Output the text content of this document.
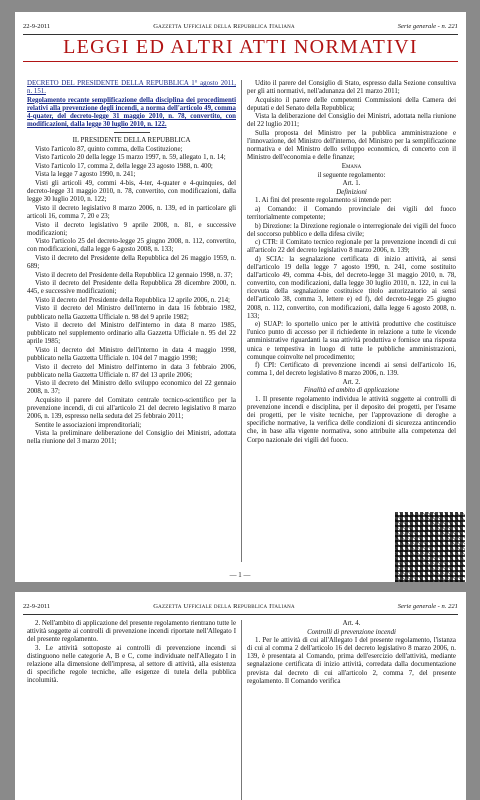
22-9-2011	Gazzetta Ufficiale della Repubblica Italiana	Serie generale - n. 221
LEGGI ED ALTRI ATTI NORMATIVI

DECRETO DEL PRESIDENTE DELLA REPUBBLICA 1° agosto 2011, n. 151.

Regolamento recante semplificazione della disciplina dei procedimenti relativi alla prevenzione degli incendi, a norma dell'articolo 49, comma 4-quater, del decreto-legge 31 maggio 2010, n. 78, convertito, con modificazioni, dalla legge 30 luglio 2010, n. 122.

IL PRESIDENTE DELLA REPUBBLICA

Visto l'articolo 87, quinto comma, della Costituzione;

Visto l'articolo 20 della legge 15 marzo 1997, n. 59, allegato 1, n. 14;

Visto l'articolo 17, comma 2, della legge 23 agosto 1988, n. 400;

Vista la legge 7 agosto 1990, n. 241;

Visti gli articoli 49, commi 4-bis, 4-ter, 4-quater e 4-quinquies, del decreto-legge 31 maggio 2010, n. 78, convertito, con modificazioni, dalla legge 30 luglio 2010, n. 122;

Visto il decreto legislativo 8 marzo 2006, n. 139, ed in particolare gli articoli 16, comma 7, 20 e 23;

Visto il decreto legislativo 9 aprile 2008, n. 81, e successive modificazioni;

Visto l'articolo 25 del decreto-legge 25 giugno 2008, n. 112, convertito, con modificazioni, dalla legge 6 agosto 2008, n. 133;

Visto il decreto del Presidente della Repubblica del 26 maggio 1959, n. 689;

Visto il decreto del Presidente della Repubblica 12 gennaio 1998, n. 37;

Visto il decreto del Presidente della Repubblica 28 dicembre 2000, n. 445, e successive modificazioni;

Visto il decreto del Presidente della Repubblica 12 aprile 2006, n. 214;

Visto il decreto del Ministro dell'interno in data 16 febbraio 1982, pubblicato nella Gazzetta Ufficiale n. 98 del 9 aprile 1982;

Visto il decreto del Ministro dell'interno in data 8 marzo 1985, pubblicato nel supplemento ordinario alla Gazzetta Ufficiale n. 95 del 22 aprile 1985;

Visto il decreto del Ministro dell'interno in data 4 maggio 1998, pubblicato nella Gazzetta Ufficiale n. 104 del 7 maggio 1998;

Visto il decreto del Ministro dell'interno in data 3 febbraio 2006, pubblicato nella Gazzetta Ufficiale n. 87 del 13 aprile 2006;

Visto il decreto del Ministro dello sviluppo economico del 22 gennaio 2008, n. 37;

Acquisito il parere del Comitato centrale tecnico-scientifico per la prevenzione incendi, di cui all'articolo 21 del decreto legislativo 8 marzo 2006, n. 139, espresso nella seduta del 25 febbraio 2011;

Sentite le associazioni imprenditoriali;

Vista la preliminare deliberazione del Consiglio dei Ministri, adottata nella riunione del 3 marzo 2011;

Udito il parere del Consiglio di Stato, espresso dalla Sezione consultiva per gli atti normativi, nell'adunanza del 21 marzo 2011;

Acquisito il parere delle competenti Commissioni della Camera dei deputati e del Senato della Repubblica;

Vista la deliberazione del Consiglio dei Ministri, adottata nella riunione del 22 luglio 2011;

Sulla proposta del Ministro per la pubblica amministrazione e l'innovazione, del Ministro dell'interno, del Ministro per la semplificazione normativa e del Ministro dello sviluppo economico, di concerto con il Ministro dell'economia e delle finanze;

Emana

il seguente regolamento:

Art. 1.

Definizioni

1. Ai fini del presente regolamento si intende per:

a) Comando: il Comando provinciale dei vigili del fuoco territorialmente competente;

b) Direzione: la Direzione regionale o interregionale dei vigili del fuoco del soccorso pubblico e della difesa civile;

c) CTR: il Comitato tecnico regionale per la prevenzione incendi di cui all'articolo 22 del decreto legislativo 8 marzo 2006, n. 139;

d) SCIA: la segnalazione certificata di inizio attività, ai sensi dell'articolo 19 della legge 7 agosto 1990, n. 241, come sostituito dall'articolo 49, comma 4-bis, del decreto-legge 31 maggio 2010, n. 78, convertito, con modificazioni, dalla legge 30 luglio 2010, n. 122, in cui la ricevuta della segnalazione costituisce titolo autorizzatorio ai sensi dell'articolo 38, comma 3, lettere e) ed f), del decreto-legge 25 giugno 2008, n. 112, convertito, con modificazioni, dalla legge 6 agosto 2008, n. 133;

e) SUAP: lo sportello unico per le attività produttive che costituisce l'unico punto di accesso per il richiedente in relazione a tutte le vicende amministrative riguardanti la sua attività produttiva e fornisce una risposta unica e tempestiva in luogo di tutte le pubbliche amministrazioni, comunque coinvolte nel procedimento;

f) CPI: Certificato di prevenzione incendi ai sensi dell'articolo 16, comma 1, del decreto legislativo 8 marzo 2006, n. 139.

Art. 2.

Finalità ed ambito di applicazione

1. Il presente regolamento individua le attività soggette ai controlli di prevenzione incendi e disciplina, per il deposito dei progetti, per l'esame dei progetti, per le visite tecniche, per l'approvazione di deroghe a specifiche normative, la verifica delle condizioni di sicurezza antincendio che, in base alla vigente normativa, sono attribuite alla competenza del Corpo nazionale dei vigili del fuoco.

— 1 —
22-9-2011	Gazzetta Ufficiale della Repubblica Italiana	Serie generale - n. 221

2. Nell'ambito di applicazione del presente regolamento rientrano tutte le attività soggette ai controlli di prevenzione incendi riportate nell'Allegato I del presente regolamento.

3. Le attività sottoposte ai controlli di prevenzione incendi si distinguono nelle categorie A, B e C, come individuate nell'Allegato I in relazione alla dimensione dell'impresa, al settore di attività, alla esistenza di specifiche regole tecniche, alle esigenze di tutela della pubblica incolumità.

Art. 4.

Controlli di prevenzione incendi

1. Per le attività di cui all'Allegato I del presente regolamento, l'istanza di cui al comma 2 dell'articolo 16 del decreto legislativo 8 marzo 2006, n. 139, è presentata al Comando, prima dell'esercizio dell'attività, mediante segnalazione certificata di inizio attività, corredata dalla documentazione prevista dal decreto di cui all'articolo 2, comma 7, del presente regolamento. Il Comando verifica
